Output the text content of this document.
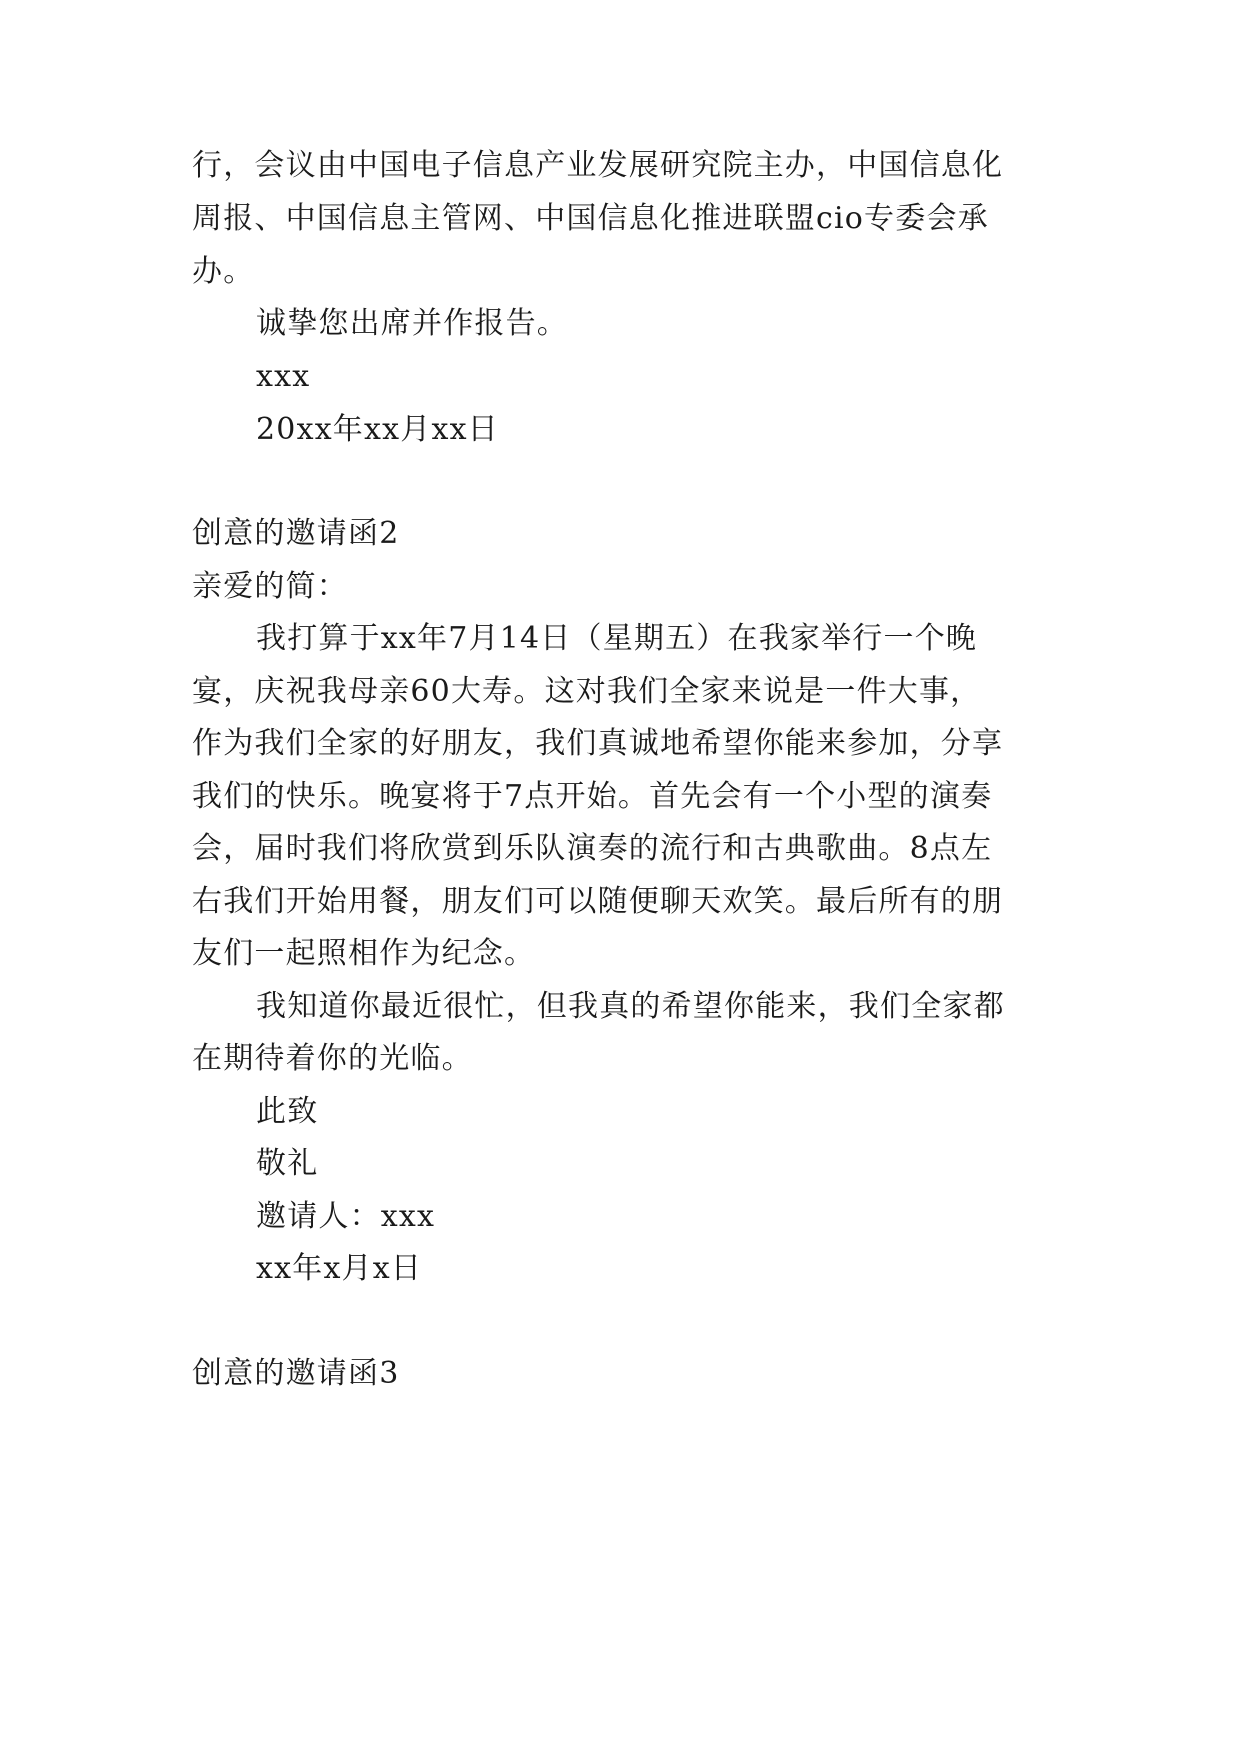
行，会议由中国电子信息产业发展研究院主办，中国信息化
周报、中国信息主管网、中国信息化推进联盟cio专委会承
办。
诚挚您出席并作报告。
xxx
20xx年xx月xx日
创意的邀请函2
亲爱的简：
我打算于xx年7月14日（星期五）在我家举行一个晚
宴，庆祝我母亲60大寿。这对我们全家来说是一件大事，
作为我们全家的好朋友，我们真诚地希望你能来参加，分享
我们的快乐。晚宴将于7点开始。首先会有一个小型的演奏
会，届时我们将欣赏到乐队演奏的流行和古典歌曲。8点左
右我们开始用餐，朋友们可以随便聊天欢笑。最后所有的朋
友们一起照相作为纪念。
我知道你最近很忙，但我真的希望你能来，我们全家都
在期待着你的光临。
此致
敬礼
邀请人：xxx
xx年x月x日
创意的邀请函3
